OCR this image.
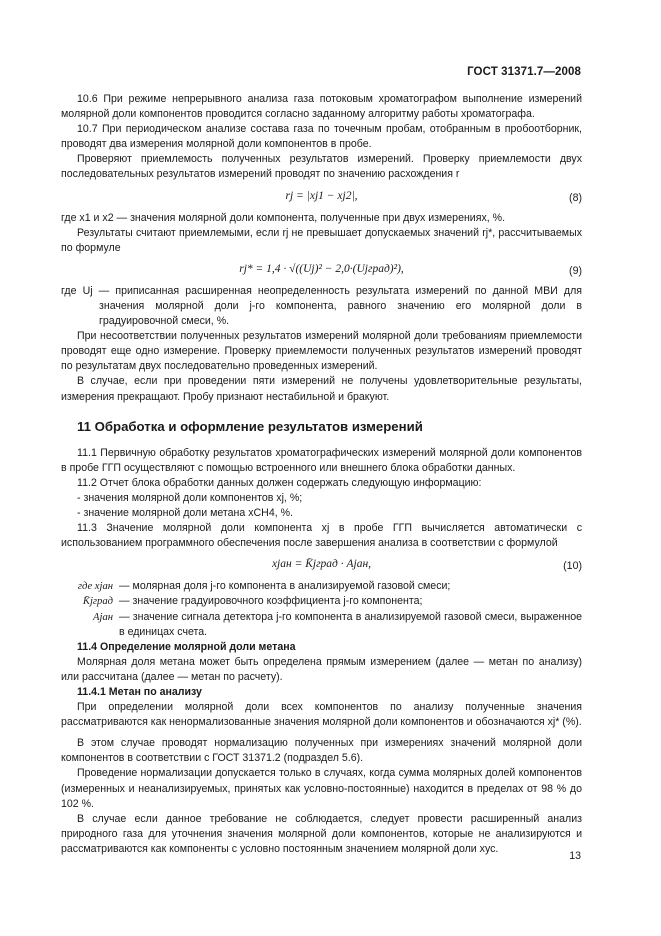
ГОСТ 31371.7—2008

10.6 При режиме непрерывного анализа газа потоковым хроматографом выполнение измерений молярной доли компонентов проводится согласно заданному алгоритму работы хроматографа.

10.7 При периодическом анализе состава газа по точечным пробам, отобранным в пробоотборник, проводят два измерения молярной доли компонентов в пробе.

Проверяют приемлемость полученных результатов измерений. Проверку приемлемости двух последовательных результатов измерений проводят по значению расхождения r

rj = |xj1 − xj2|,	(8)

где x1 и x2 — значения молярной доли компонента, полученные при двух измерениях, %.

Результаты считают приемлемыми, если rj не превышает допускаемых значений rj*, рассчитываемых по формуле

rj* = 1,4 · √((Uj)² − 2,0·(Ujград)²),	(9)

где Uj — приписанная расширенная неопределенность результата измерений по данной МВИ для значения молярной доли j-го компонента, равного значению его молярной доли в градуировочной смеси, %.

При несоответствии полученных результатов измерений молярной доли требованиям приемлемости проводят еще одно измерение. Проверку приемлемости полученных результатов измерений проводят по результатам двух последовательно проведенных измерений.

В случае, если при проведении пяти измерений не получены удовлетворительные результаты, измерения прекращают. Пробу признают нестабильной и бракуют.

11 Обработка и оформление результатов измерений

11.1 Первичную обработку результатов хроматографических измерений молярной доли компонентов в пробе ГГП осуществляют с помощью встроенного или внешнего блока обработки данных.

11.2 Отчет блока обработки данных должен содержать следующую информацию:

- значения молярной доли компонентов xj, %;

- значение молярной доли метана xCH4, %.

11.3 Значение молярной доли компонента xj в пробе ГГП вычисляется автоматически с использованием программного обеспечения после завершения анализа в соответствии с формулой

xjан = K̄jград · Ajан,	(10)
где xjан — молярная доля j-го компонента в анализируемой газовой смеси;
K̄jград — значение градуировочного коэффициента j-го компонента;
Ajан — значение сигнала детектора j-го компонента в анализируемой газовой смеси, выраженное в единицах счета.

11.4 Определение молярной доли метана

Молярная доля метана может быть определена прямым измерением (далее — метан по анализу) или рассчитана (далее — метан по расчету).

11.4.1 Метан по анализу

При определении молярной доли всех компонентов по анализу полученные значения рассматриваются как ненормализованные значения молярной доли компонентов и обозначаются xj* (%).

В этом случае проводят нормализацию полученных при измерениях значений молярной доли компонентов в соответствии с ГОСТ 31371.2 (подраздел 5.6).

Проведение нормализации допускается только в случаях, когда сумма молярных долей компонентов (измеренных и неанализируемых, принятых как условно-постоянные) находится в пределах от 98 % до 102 %.

В случае если данное требование не соблюдается, следует провести расширенный анализ природного газа для уточнения значения молярной доли компонентов, которые не анализируются и рассматриваются как компоненты с условно постоянным значением молярной доли xус.

13
